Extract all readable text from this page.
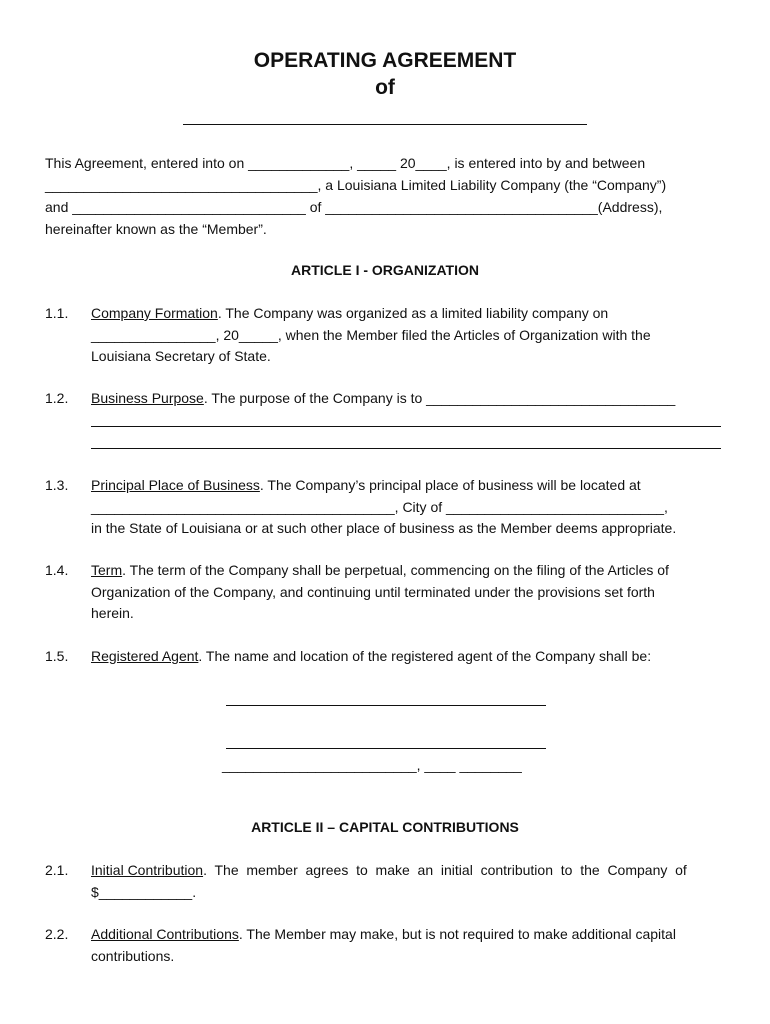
OPERATING AGREEMENT
of
This Agreement, entered into on _____________, _____ 20____, is entered into by and between
___________________________________, a Louisiana Limited Liability Company (the “Company”)
and ______________________________ of ___________________________________(Address),
hereinafter known as the “Member”.
ARTICLE I - ORGANIZATION
1.1.	Company Formation. The Company was organized as a limited liability company on
________________, 20_____, when the Member filed the Articles of Organization with the
Louisiana Secretary of State.
1.2.	Business Purpose. The purpose of the Company is to ________________________________
1.3.	Principal Place of Business. The Company’s principal place of business will be located at
_______________________________________, City of ____________________________,
in the State of Louisiana or at such other place of business as the Member deems appropriate.
1.4.	Term. The term of the Company shall be perpetual, commencing on the filing of the Articles of
Organization of the Company, and continuing until terminated under the provisions set forth
herein.
1.5.	Registered Agent. The name and location of the registered agent of the Company shall be:
_________________________, ____ ________
ARTICLE II – CAPITAL CONTRIBUTIONS
2.1.	Initial Contribution.  The  member  agrees  to  make  an  initial  contribution  to  the  Company  of
$____________.
2.2.	Additional Contributions. The Member may make, but is not required to make additional capital
contributions.
